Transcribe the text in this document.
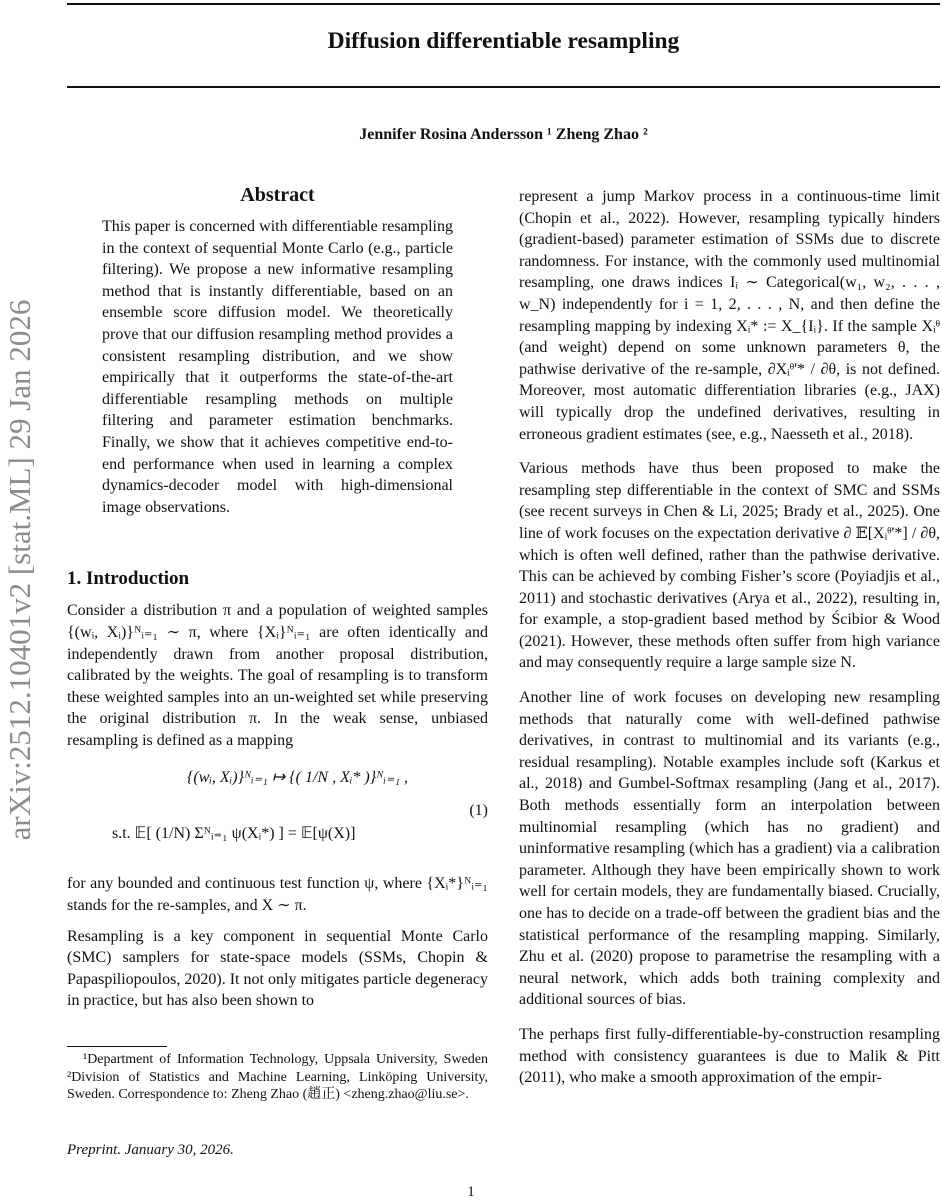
Diffusion differentiable resampling
Jennifer Rosina Andersson ¹ Zheng Zhao ²
arXiv:2512.10401v2 [stat.ML] 29 Jan 2026
Abstract

This paper is concerned with differentiable resampling in the context of sequential Monte Carlo (e.g., particle filtering). We propose a new informative resampling method that is instantly differentiable, based on an ensemble score diffusion model. We theoretically prove that our diffusion resampling method provides a consistent resampling distribution, and we show empirically that it outperforms the state-of-the-art differentiable resampling methods on multiple filtering and parameter estimation benchmarks. Finally, we show that it achieves competitive end-to-end performance when used in learning a complex dynamics-decoder model with high-dimensional image observations.

1. Introduction

Consider a distribution π and a population of weighted samples {(wᵢ, Xᵢ)}ᴺᵢ₌₁ ∼ π, where {Xᵢ}ᴺᵢ₌₁ are often identically and independently drawn from another proposal distribution, calibrated by the weights. The goal of resampling is to transform these weighted samples into an un-weighted set while preserving the original distribution π. In the weak sense, unbiased resampling is defined as a mapping

{(wᵢ, Xᵢ)}ᴺᵢ₌₁ ↦ {( 1/N , Xᵢ* )}ᴺᵢ₌₁ ,
s.t. 𝔼[ (1/N) Σᴺᵢ₌₁ ψ(Xᵢ*) ] = 𝔼[ψ(X)]
(1)

for any bounded and continuous test function ψ, where {Xᵢ*}ᴺᵢ₌₁ stands for the re-samples, and X ∼ π.

Resampling is a key component in sequential Monte Carlo (SMC) samplers for state-space models (SSMs, Chopin & Papaspiliopoulos, 2020). It not only mitigates particle degeneracy in practice, but has also been shown to

represent a jump Markov process in a continuous-time limit (Chopin et al., 2022). However, resampling typically hinders (gradient-based) parameter estimation of SSMs due to discrete randomness. For instance, with the commonly used multinomial resampling, one draws indices Iᵢ ∼ Categorical(w₁, w₂, . . . , w_N) independently for i = 1, 2, . . . , N, and then define the resampling mapping by indexing Xᵢ* := X_{Iᵢ}. If the sample Xᵢᶿ (and weight) depend on some unknown parameters θ, the pathwise derivative of the re-sample, ∂Xᵢᶿ'* / ∂θ, is not defined. Moreover, most automatic differentiation libraries (e.g., JAX) will typically drop the undefined derivatives, resulting in erroneous gradient estimates (see, e.g., Naesseth et al., 2018).

Various methods have thus been proposed to make the resampling step differentiable in the context of SMC and SSMs (see recent surveys in Chen & Li, 2025; Brady et al., 2025). One line of work focuses on the expectation derivative ∂ 𝔼[Xᵢᶿ'*] / ∂θ, which is often well defined, rather than the pathwise derivative. This can be achieved by combing Fisher’s score (Poyiadjis et al., 2011) and stochastic derivatives (Arya et al., 2022), resulting in, for example, a stop-gradient based method by Ścibior & Wood (2021). However, these methods often suffer from high variance and may consequently require a large sample size N.

Another line of work focuses on developing new resampling methods that naturally come with well-defined pathwise derivatives, in contrast to multinomial and its variants (e.g., residual resampling). Notable examples include soft (Karkus et al., 2018) and Gumbel-Softmax resampling (Jang et al., 2017). Both methods essentially form an interpolation between multinomial resampling (which has no gradient) and uninformative resampling (which has a gradient) via a calibration parameter. Although they have been empirically shown to work well for certain models, they are fundamentally biased. Crucially, one has to decide on a trade-off between the gradient bias and the statistical performance of the resampling mapping. Similarly, Zhu et al. (2020) propose to parametrise the resampling with a neural network, which adds both training complexity and additional sources of bias.

The perhaps first fully-differentiable-by-construction resampling method with consistency guarantees is due to Malik & Pitt (2011), who make a smooth approximation of the empir-

¹Department of Information Technology, Uppsala University, Sweden ²Division of Statistics and Machine Learning, Linköping University, Sweden. Correspondence to: Zheng Zhao (趙正) <zheng.zhao@liu.se>.

Preprint. January 30, 2026.
1
